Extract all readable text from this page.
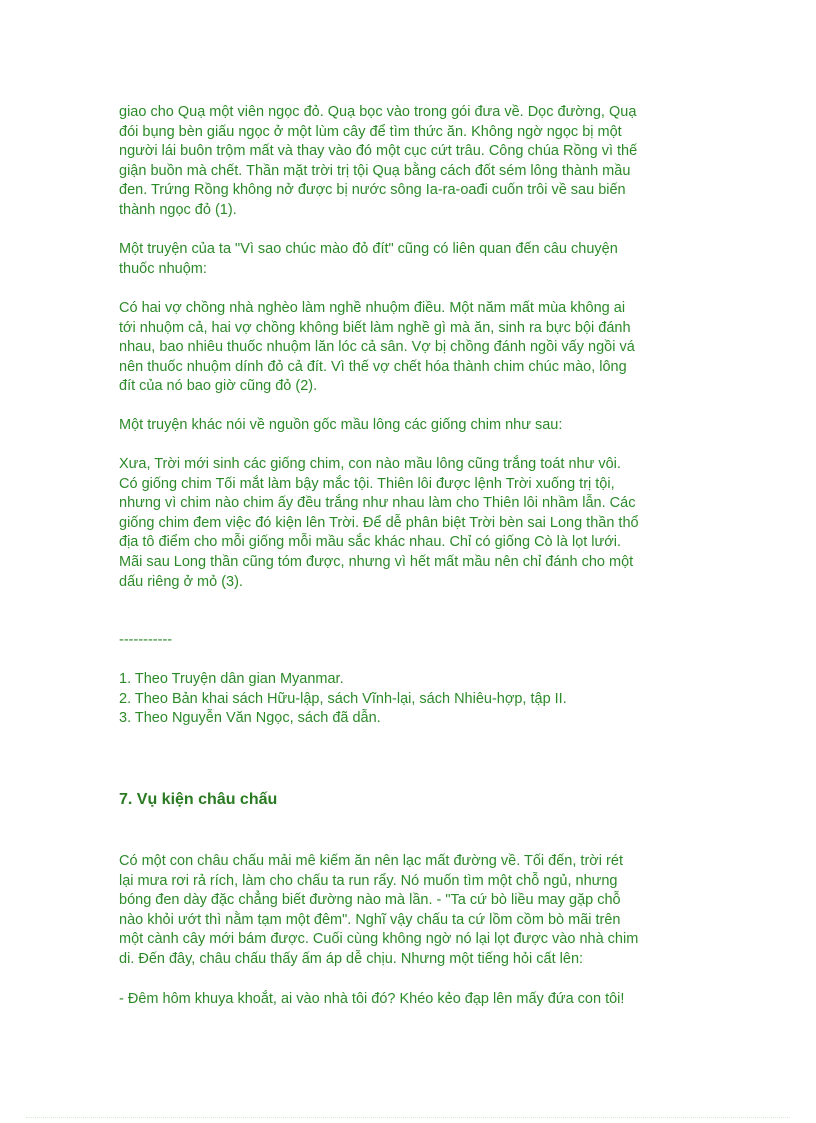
giao cho Quạ một viên ngọc đỏ. Quạ bọc vào trong gói đưa về. Dọc đường, Quạ
đói bụng bèn giấu ngọc ở một lùm cây để tìm thức ăn. Không ngờ ngọc bị một
người lái buôn trộm mất và thay vào đó một cục cứt trâu. Công chúa Rồng vì thế
giận buồn mà chết. Thần mặt trời trị tội Quạ bằng cách đốt sém lông thành mầu
đen. Trứng Rồng không nở được bị nước sông Ia-ra-oađi cuốn trôi về sau biến
thành ngọc đỏ (1).
Một truyện của ta "Vì sao chúc mào đỏ đít" cũng có liên quan đến câu chuyện
thuốc nhuộm:
Có hai vợ chồng nhà nghèo làm nghề nhuộm điều. Một năm mất mùa không ai
tới nhuộm cả, hai vợ chồng không biết làm nghề gì mà ăn, sinh ra bực bội đánh
nhau, bao nhiêu thuốc nhuộm lăn lóc cả sân. Vợ bị chồng đánh ngồi vấy ngồi vá
nên thuốc nhuộm dính đỏ cả đít. Vì thế vợ chết hóa thành chim chúc mào, lông
đít của nó bao giờ cũng đỏ (2).
Một truyện khác nói về nguồn gốc mầu lông các giống chim như sau:
Xưa, Trời mới sinh các giống chim, con nào mầu lông cũng trắng toát như vôi.
Có giống chim Tối mắt làm bậy mắc tội. Thiên lôi được lệnh Trời xuống trị tội,
nhưng vì chim nào chim ấy đều trắng như nhau làm cho Thiên lôi nhầm lẫn. Các
giống chim đem việc đó kiện lên Trời. Để dễ phân biệt Trời bèn sai Long thần thổ
địa tô điểm cho mỗi giống mỗi mầu sắc khác nhau. Chỉ có giống Cò là lọt lưới.
Mãi sau Long thần cũng tóm được, nhưng vì hết mất mầu nên chỉ đánh cho một
dấu riêng ở mỏ (3).
-----------
1. Theo Truyện dân gian Myanmar.
2. Theo Bản khai sách Hữu-lập, sách Vĩnh-lại, sách Nhiêu-hợp, tập II.
3. Theo Nguyễn Văn Ngọc, sách đã dẫn.
7. Vụ kiện châu chấu
Có một con châu chấu mải mê kiếm ăn nên lạc mất đường về. Tối đến, trời rét
lại mưa rơi rả rích, làm cho chấu ta run rẩy. Nó muốn tìm một chỗ ngủ, nhưng
bóng đen dày đặc chẳng biết đường nào mà lần. - "Ta cứ bò liều may gặp chỗ
nào khỏi ướt thì nằm tạm một đêm". Nghĩ vậy chấu ta cứ lồm cồm bò mãi trên
một cành cây mới bám được. Cuối cùng không ngờ nó lại lọt được vào nhà chim
di. Đến đây, châu chấu thấy ấm áp dễ chịu. Nhưng một tiếng hỏi cất lên:
- Đêm hôm khuya khoắt, ai vào nhà tôi đó? Khéo kẻo đạp lên mấy đứa con tôi!
